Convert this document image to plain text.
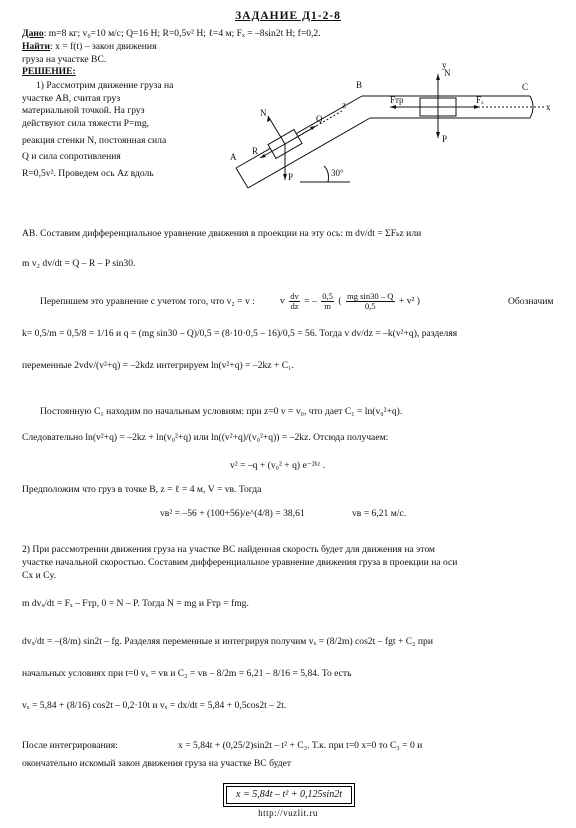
ЗАДАНИЕ Д1-2-8
Дано: m=8 кг; v₀=10 м/с; Q=16 Н; R=0,5v² Н; ℓ=4 м; Fₓ = –8sin2t Н; f=0,2.
Найти: x = f(t) – закон движения
груза на участке ВС.
РЕШЕНИЕ:

1) Рассмотрим движение груза на

участке АВ, считая груз

материальной точкой. На груз

действуют сила тяжести P=mg,

реакция стенки N, постоянная сила

Q и сила сопротивления

R=0,5v². Проведем ось Az вдоль

A
B	C
N
Q
R
P
z
30°
N
P
Fтр	Fₓ
x
y
АВ. Составим дифференциальное уравнение движения в проекции на эту ось: m dv/dt = ΣFₖz или
m v₂ dv/dt = Q – R – P sin30.
Перепишем это уравнение с учетом того, что v₂ = v :	v $\frac{dv}{dz}$ = – $\frac{0,5}{m}$ ( $\frac{\text{mg sin30 – Q}}{0,5} + v^2$ )	Обозначим
k= 0,5/m = 0,5/8 = 1/16 и q = (mg sin30 – Q)/0,5 = (8·10·0,5 – 16)/0,5 = 56. Тогда v dv/dz = –k(v²+q), разделяя
переменные 2vdv/(v²+q) = –2kdz интегрируем ln(v²+q) = –2kz + C₁.
Постоянную C₁ находим по начальным условиям: при z=0 v = v₀, что дает C₁ = ln(v₀²+q).
Следовательно ln(v²+q) = –2kz + ln(v₀²+q) или ln((v²+q)/(v₀²+q)) = –2kz. Отсюда получаем:
v² = –q + (v₀² + q) e⁻²ᵏᶻ .
Предположим что груз в точке В, z = ℓ = 4 м, V = vв. Тогда
vв² = –56 + (100+56)/e^(4/8) = 38,61	vв = 6,21 м/с.
2) При рассмотрении движения груза на участке ВС найденная скорость будет для движения на этом
участке начальной скоростью. Составим дифференциальное уравнение движения груза в проекции на оси
Cx и Cy.
m dvₓ/dt = Fₓ – Fтр, 0 = N – P. Тогда N = mg и Fтр = fmg.
dvₓ/dt = –(8/m) sin2t – fg. Разделяя переменные и интегрируя получим vₓ = (8/2m) cos2t – fgt + C₂ при
начальных условиях при t=0 vₓ = vв и C₂ = vв – 8/2m = 6,21 – 8/16 = 5,84. То есть
vₓ = 5,84 + (8/16) cos2t – 0,2·10t и vₓ = dx/dt = 5,84 + 0,5cos2t – 2t.
После интегрирования:	x = 5,84t + (0,25/2)sin2t – t² + C₃. Т.к. при t=0 x=0 то C₃ = 0 и
окончательно искомый закон движения груза на участке ВС будет
x = 5,84t – t² + 0,125sin2t
http://vuzlit.ru
